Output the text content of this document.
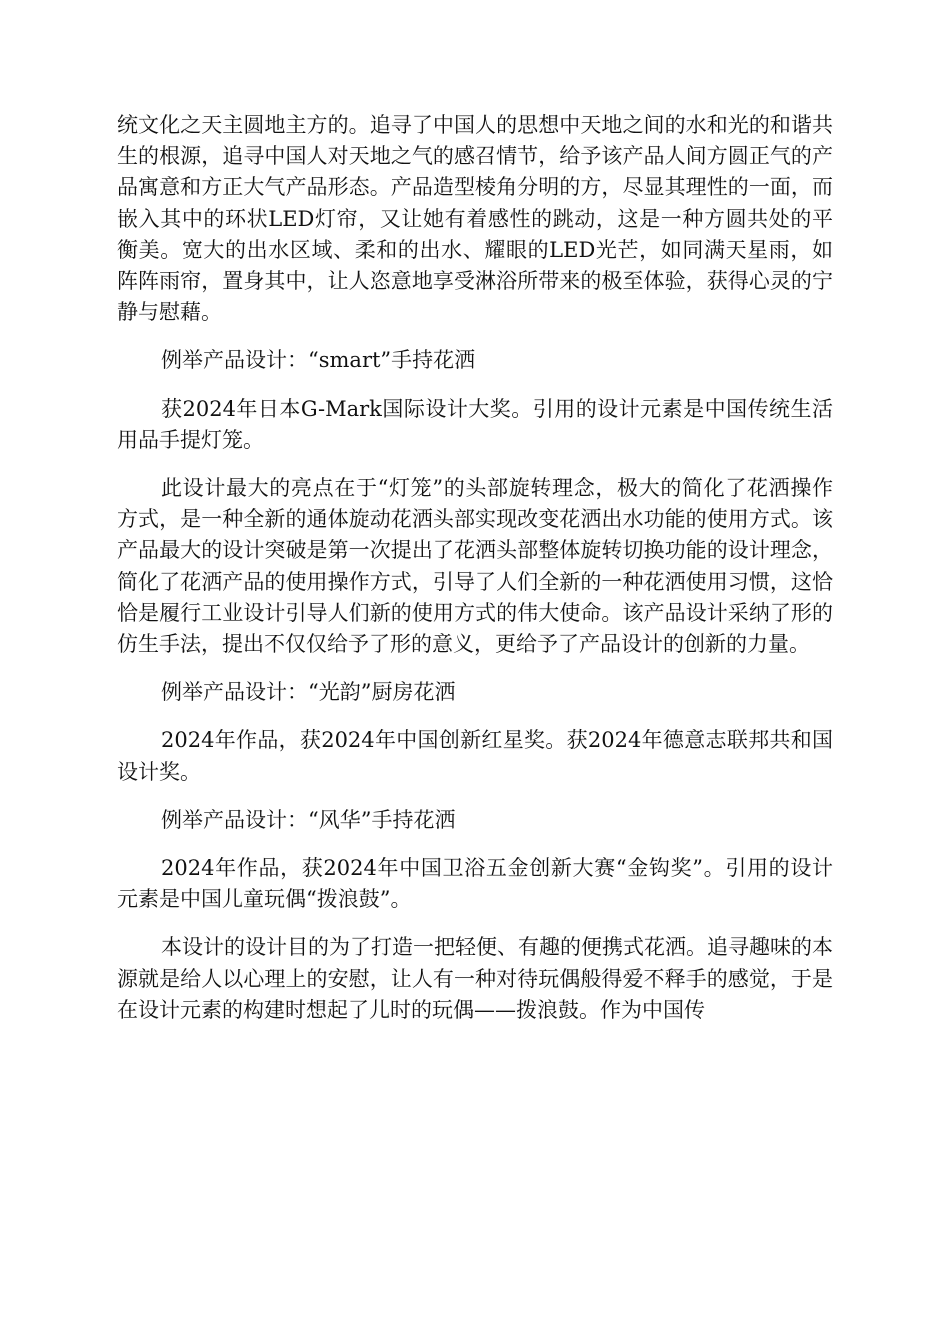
统文化之天主圆地主方的。追寻了中国人的思想中天地之间的水和光的和谐共生的根源，追寻中国人对天地之气的感召情节，给予该产品人间方圆正气的产品寓意和方正大气产品形态。产品造型棱角分明的方，尽显其理性的一面，而嵌入其中的环状LED灯帘，又让她有着感性的跳动，这是一种方圆共处的平衡美。宽大的出水区域、柔和的出水、耀眼的LED光芒，如同满天星雨，如阵阵雨帘，置身其中，让人恣意地享受淋浴所带来的极至体验，获得心灵的宁静与慰藉。

例举产品设计：“smart”手持花洒

获2024年日本G-Mark国际设计大奖。引用的设计元素是中国传统生活用品手提灯笼。

此设计最大的亮点在于“灯笼”的头部旋转理念，极大的简化了花洒操作方式，是一种全新的通体旋动花洒头部实现改变花洒出水功能的使用方式。该产品最大的设计突破是第一次提出了花洒头部整体旋转切换功能的设计理念，简化了花洒产品的使用操作方式，引导了人们全新的一种花洒使用习惯，这恰恰是履行工业设计引导人们新的使用方式的伟大使命。该产品设计采纳了形的仿生手法，提出不仅仅给予了形的意义，更给予了产品设计的创新的力量。

例举产品设计：“光韵”厨房花洒

2024年作品，获2024年中国创新红星奖。获2024年德意志联邦共和国设计奖。

例举产品设计：“风华”手持花洒

2024年作品，获2024年中国卫浴五金创新大赛“金钩奖”。引用的设计元素是中国儿童玩偶“拨浪鼓”。

本设计的设计目的为了打造一把轻便、有趣的便携式花洒。追寻趣味的本源就是给人以心理上的安慰，让人有一种对待玩偶般得爱不释手的感觉，于是在设计元素的构建时想起了儿时的玩偶——拨浪鼓。作为中国传
